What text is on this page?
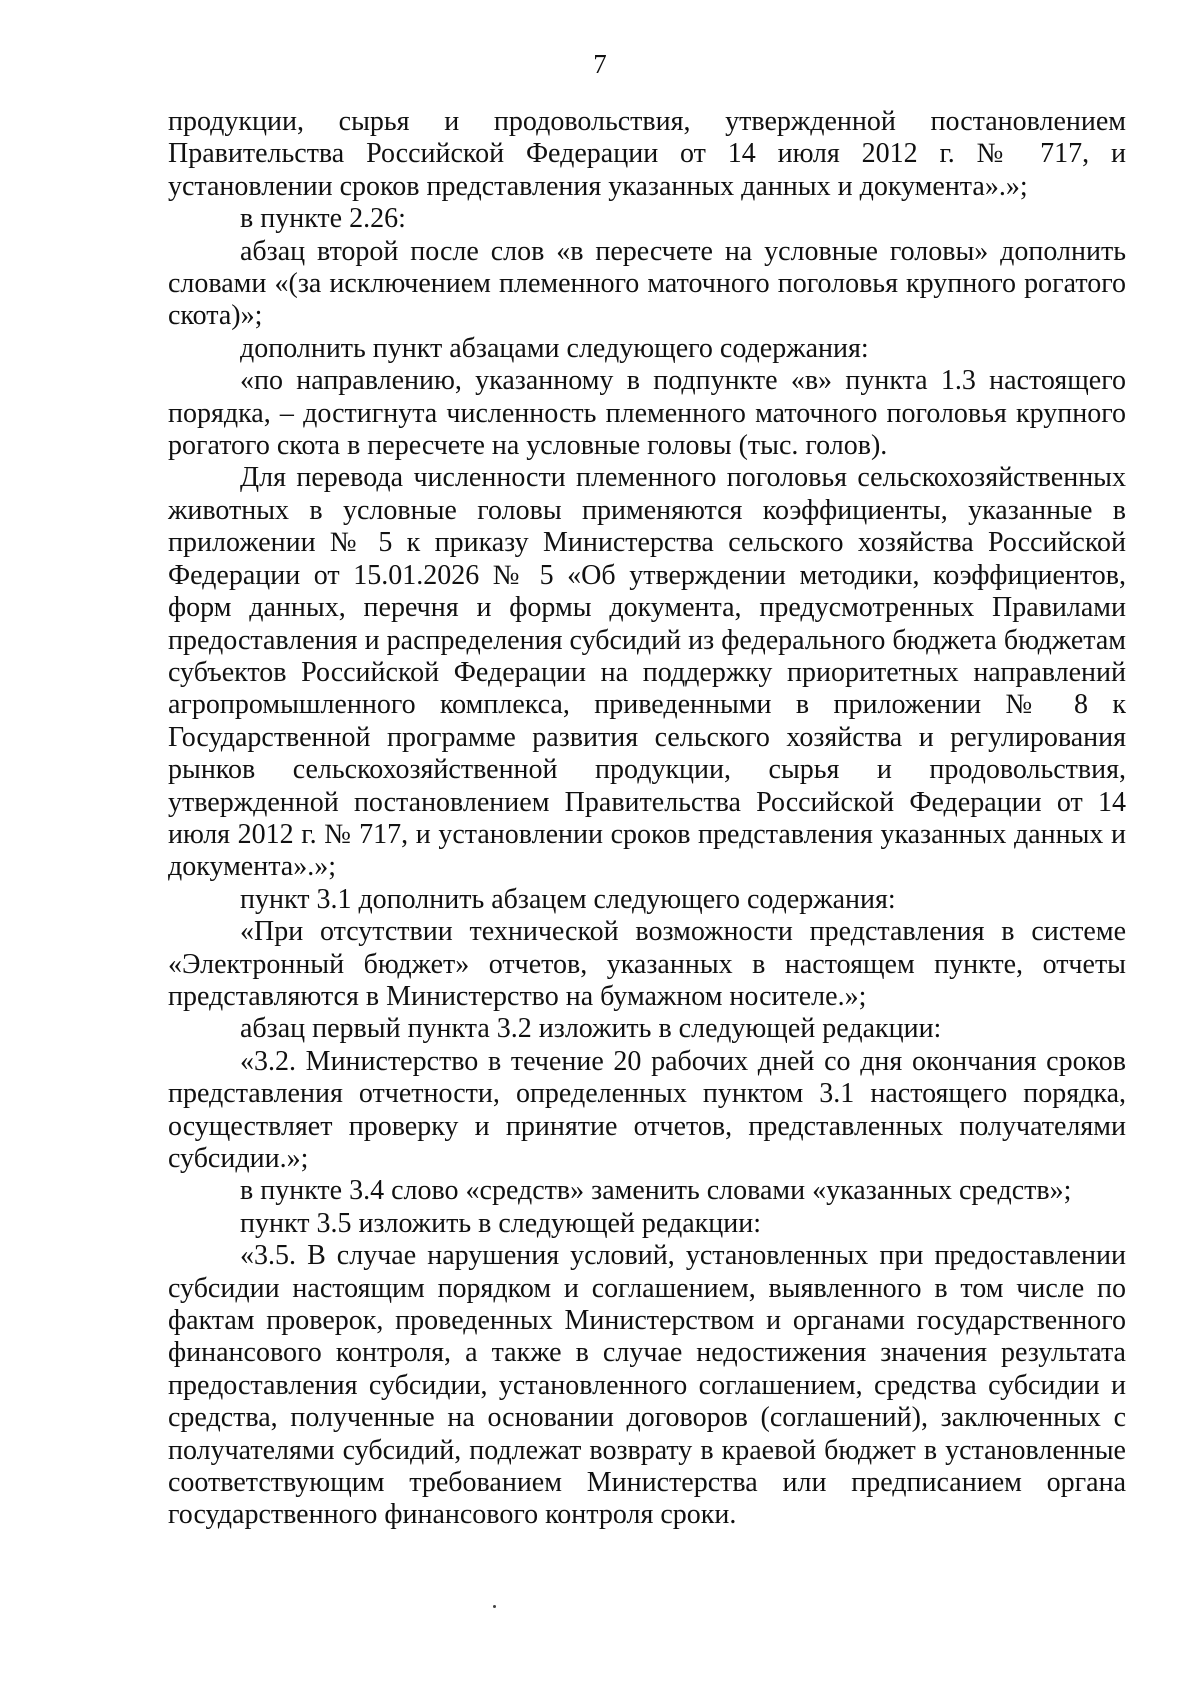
7

продукции, сырья и продовольствия, утвержденной постановлением Правительства Российской Федерации от 14 июля 2012 г. № 717, и установлении сроков представления указанных данных и документа».»;

в пункте 2.26:

абзац второй после слов «в пересчете на условные головы» дополнить словами «(за исключением племенного маточного поголовья крупного рогатого скота)»;

дополнить пункт абзацами следующего содержания:

«по направлению, указанному в подпункте «в» пункта 1.3 настоящего порядка, – достигнута численность племенного маточного поголовья крупного рогатого скота в пересчете на условные головы (тыс. голов).

Для перевода численности племенного поголовья сельскохозяйственных животных в условные головы применяются коэффициенты, указанные в приложении № 5 к приказу Министерства сельского хозяйства Российской Федерации от 15.01.2026 № 5 «Об утверждении методики, коэффициентов, форм данных, перечня и формы документа, предусмотренных Правилами предоставления и распределения субсидий из федерального бюджета бюджетам субъектов Российской Федерации на поддержку приоритетных направлений агропромышленного комплекса, приведенными в приложении № 8 к Государственной программе развития сельского хозяйства и регулирования рынков сельскохозяйственной продукции, сырья и продовольствия, утвержденной постановлением Правительства Российской Федерации от 14 июля 2012 г. № 717, и установлении сроков представления указанных данных и документа».»;

пункт 3.1 дополнить абзацем следующего содержания:

«При отсутствии технической возможности представления в системе «Электронный бюджет» отчетов, указанных в настоящем пункте, отчеты представляются в Министерство на бумажном носителе.»;

абзац первый пункта 3.2 изложить в следующей редакции:

«3.2. Министерство в течение 20 рабочих дней со дня окончания сроков представления отчетности, определенных пунктом 3.1 настоящего порядка, осуществляет проверку и принятие отчетов, представленных получателями субсидии.»;

в пункте 3.4 слово «средств» заменить словами «указанных средств»;

пункт 3.5 изложить в следующей редакции:

«3.5. В случае нарушения условий, установленных при предоставлении субсидии настоящим порядком и соглашением, выявленного в том числе по фактам проверок, проведенных Министерством и органами государственного финансового контроля, а также в случае недостижения значения результата предоставления субсидии, установленного соглашением, средства субсидии и средства, полученные на основании договоров (соглашений), заключенных с получателями субсидий, подлежат возврату в краевой бюджет в установленные соответствующим требованием Министерства или предписанием органа государственного финансового контроля сроки.
